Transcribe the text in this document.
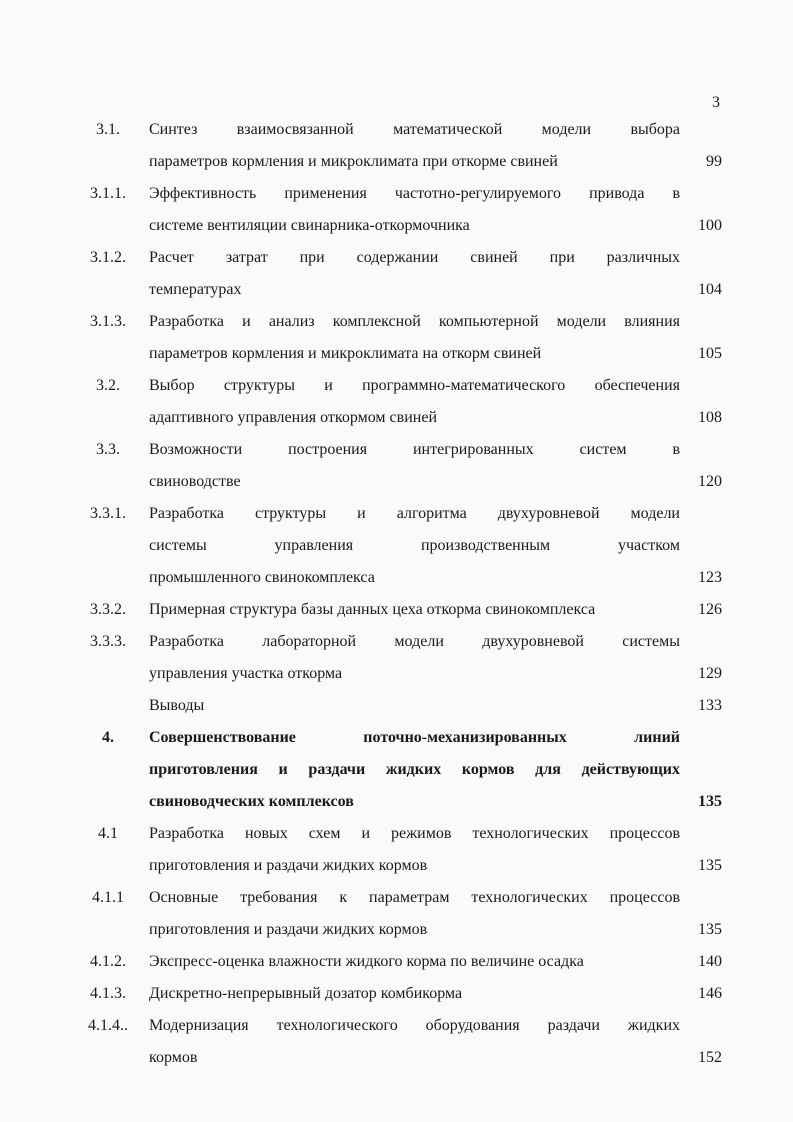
3
3.1.	Синтез взаимосвязанной математической модели выбора
параметров кормления и микроклимата при откорме свиней	99
3.1.1.	Эффективность применения частотно-регулируемого привода в
системе вентиляции свинарника-откормочника	100
3.1.2.	Расчет затрат при содержании свиней при различных
температурах	104
3.1.3.	Разработка и анализ комплексной компьютерной модели влияния
параметров кормления и микроклимата на откорм свиней	105
3.2.	Выбор структуры и программно-математического обеспечения
адаптивного управления откормом свиней	108
3.3.	Возможности построения интегрированных систем в
свиноводстве	120
3.3.1.	Разработка структуры и алгоритма двухуровневой модели
системы управления производственным участком
промышленного свинокомплекса	123
3.3.2.	Примерная структура базы данных цеха откорма свинокомплекса	126
3.3.3.	Разработка лабораторной модели двухуровневой системы
управления участка откорма	129
Выводы	133
4.	Совершенствование поточно-механизированных линий
приготовления и раздачи жидких кормов для действующих
свиноводческих комплексов	135
4.1	Разработка новых схем и режимов технологических процессов
приготовления и раздачи жидких кормов	135
4.1.1	Основные требования к параметрам технологических процессов
приготовления и раздачи жидких кормов	135
4.1.2.	Экспресс-оценка влажности жидкого корма по величине осадка	140
4.1.3.	Дискретно-непрерывный дозатор комбикорма	146
4.1.4..	Модернизация технологического оборудования раздачи жидких
кормов	152
